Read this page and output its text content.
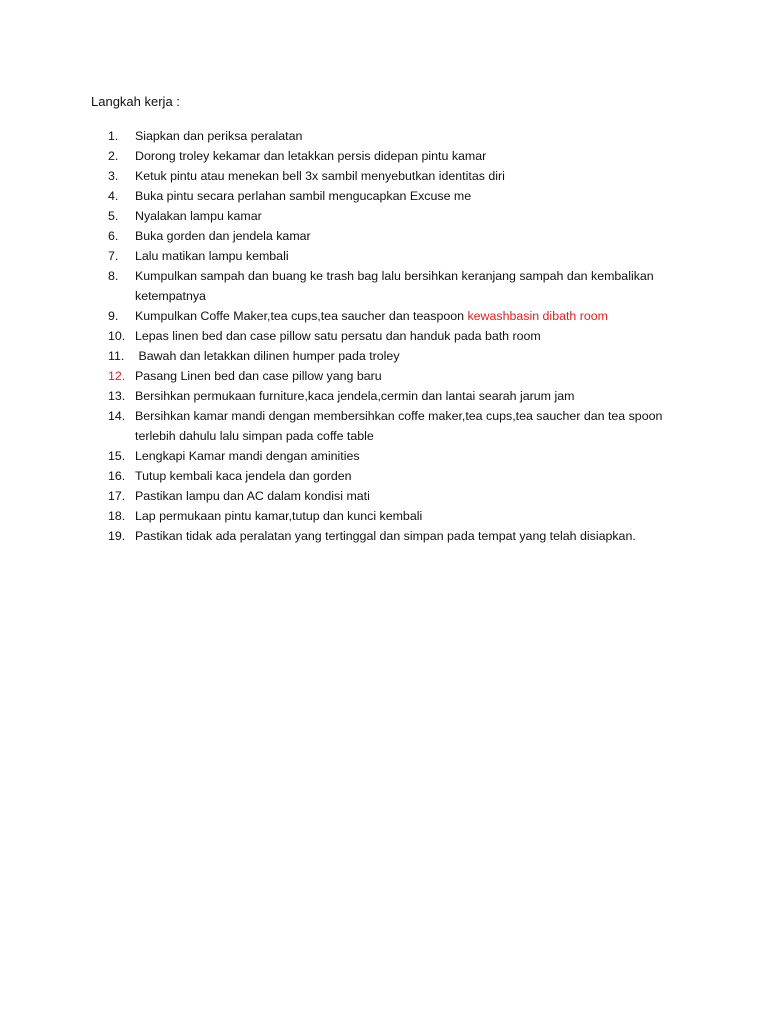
Langkah kerja :
1.	Siapkan dan periksa peralatan
2.	Dorong troley kekamar dan letakkan persis didepan pintu kamar
3.	Ketuk pintu atau menekan bell 3x sambil menyebutkan identitas diri
4.	Buka pintu secara perlahan sambil mengucapkan Excuse me
5.	Nyalakan lampu kamar
6.	Buka gorden dan jendela kamar
7.	Lalu matikan lampu kembali
8.	Kumpulkan sampah dan buang ke trash bag lalu bersihkan keranjang sampah dan kembalikan ketempatnya
9.	Kumpulkan Coffe Maker,tea cups,tea saucher dan teaspoon kewashbasin dibath room
10. Lepas linen bed dan case pillow satu persatu dan handuk pada bath room
11. Bawah dan letakkan dilinen humper pada troley
12. Pasang Linen bed dan case pillow yang baru
13. Bersihkan permukaan furniture,kaca jendela,cermin dan lantai searah jarum jam
14. Bersihkan kamar mandi dengan membersihkan coffe maker,tea cups,tea saucher dan tea spoon terlebih dahulu lalu simpan pada coffe table
15. Lengkapi Kamar mandi dengan aminities
16. Tutup kembali kaca jendela dan gorden
17. Pastikan lampu dan AC dalam kondisi mati
18. Lap permukaan pintu kamar,tutup dan kunci kembali
19. Pastikan tidak ada peralatan yang tertinggal dan simpan pada tempat yang telah disiapkan.
